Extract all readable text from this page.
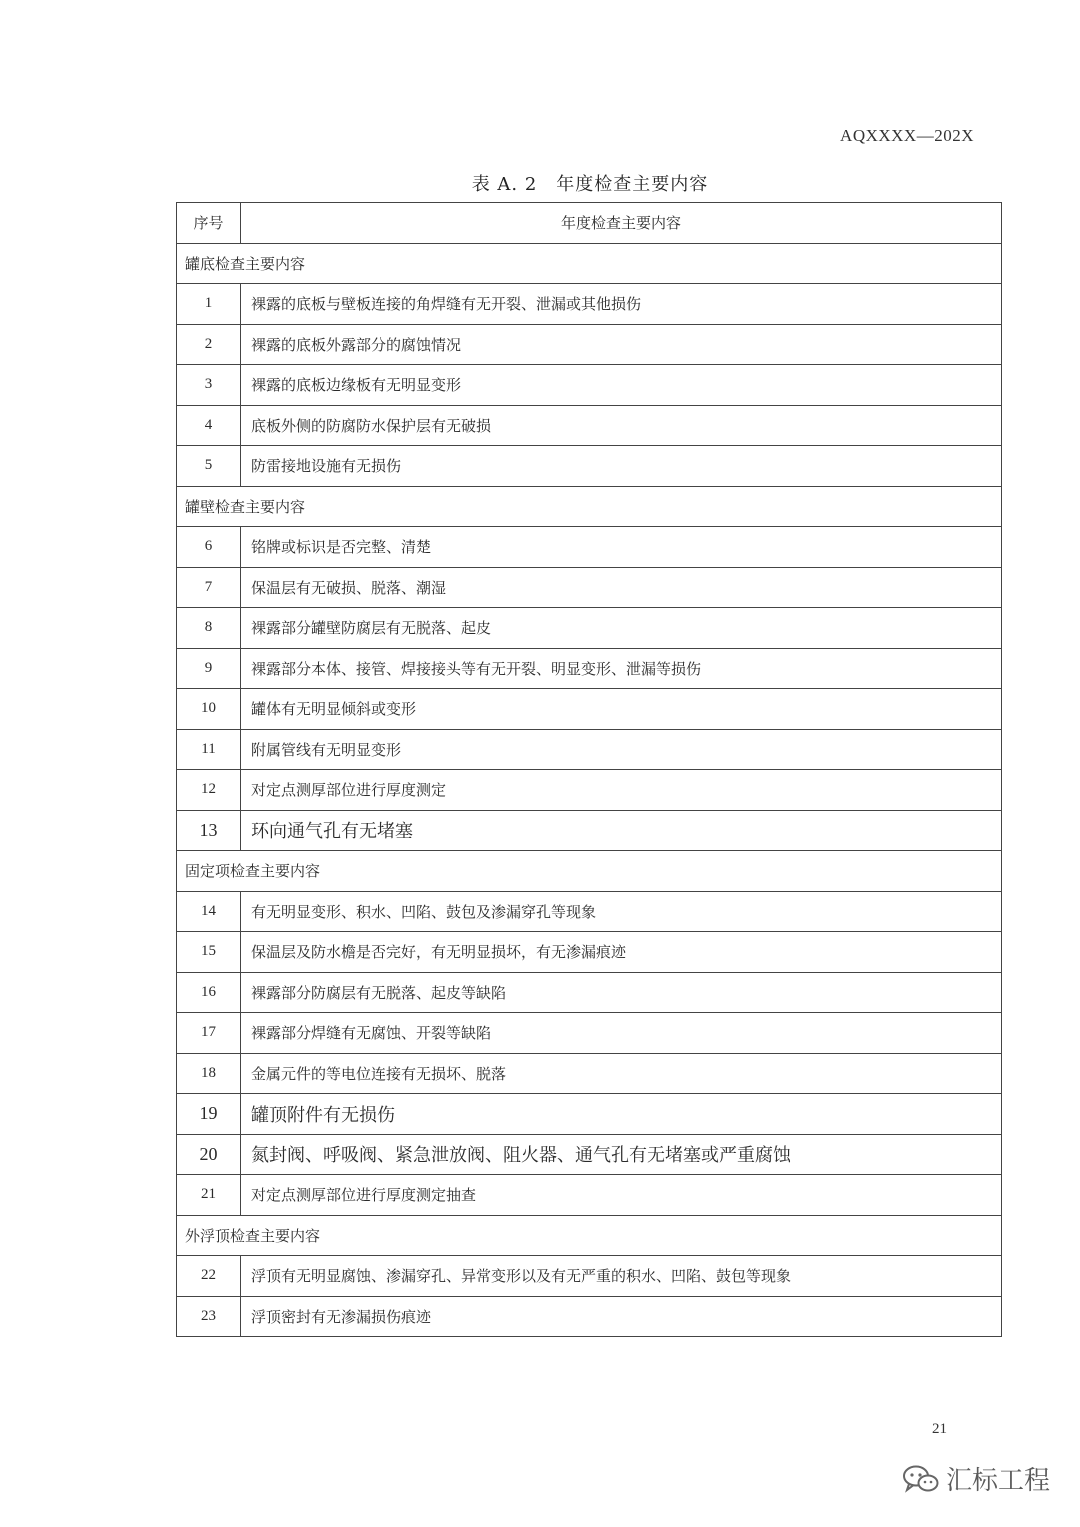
AQXXXX—202X
表 A. 2　年度检查主要内容
序号	年度检查主要内容
罐底检查主要内容	
1	裸露的底板与壁板连接的角焊缝有无开裂、泄漏或其他损伤
2	裸露的底板外露部分的腐蚀情况
3	裸露的底板边缘板有无明显变形
4	底板外侧的防腐防水保护层有无破损
5	防雷接地设施有无损伤
罐壁检查主要内容	
6	铭牌或标识是否完整、清楚
7	保温层有无破损、脱落、潮湿
8	裸露部分罐壁防腐层有无脱落、起皮
9	裸露部分本体、接管、焊接接头等有无开裂、明显变形、泄漏等损伤
10	罐体有无明显倾斜或变形
11	附属管线有无明显变形
12	对定点测厚部位进行厚度测定
13	环向通气孔有无堵塞
固定项检查主要内容	
14	有无明显变形、积水、凹陷、鼓包及渗漏穿孔等现象
15	保温层及防水檐是否完好，有无明显损坏，有无渗漏痕迹
16	裸露部分防腐层有无脱落、起皮等缺陷
17	裸露部分焊缝有无腐蚀、开裂等缺陷
18	金属元件的等电位连接有无损坏、脱落
19	罐顶附件有无损伤
20	氮封阀、呼吸阀、紧急泄放阀、阻火器、通气孔有无堵塞或严重腐蚀
21	对定点测厚部位进行厚度测定抽查
外浮顶检查主要内容	
22	浮顶有无明显腐蚀、渗漏穿孔、异常变形以及有无严重的积水、凹陷、鼓包等现象
23	浮顶密封有无渗漏损伤痕迹
21
汇标工程
